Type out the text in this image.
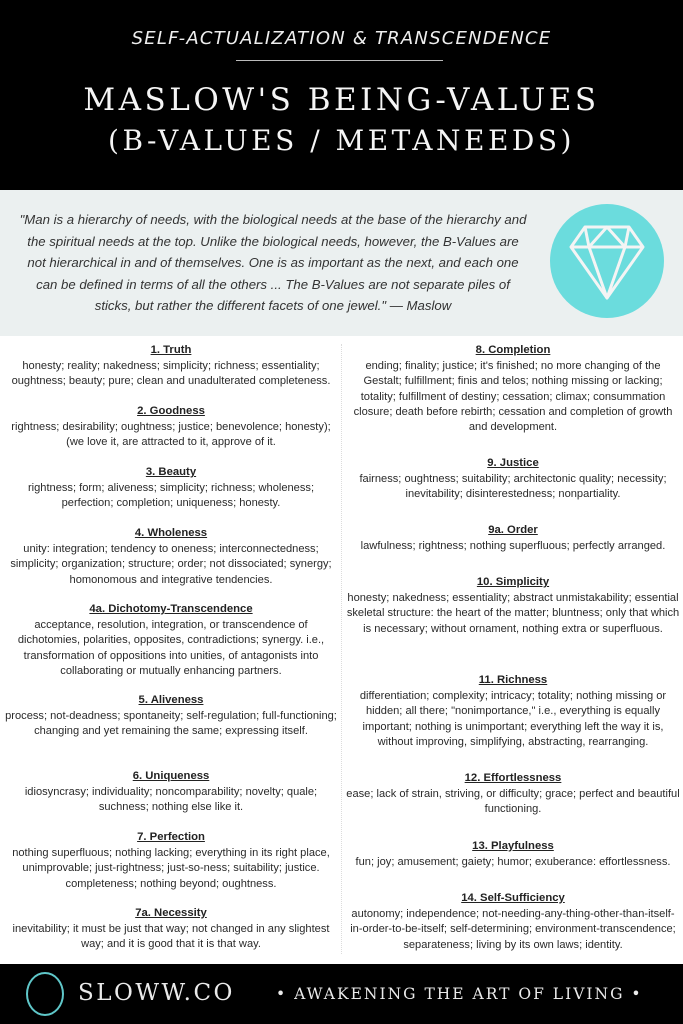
SELF-ACTUALIZATION & TRANSCENDENCE
MASLOW'S BEING-VALUES
(B-VALUES / METANEEDS)
"Man is a hierarchy of needs, with the biological needs at the base of the hierarchy and the spiritual needs at the top. Unlike the biological needs, however, the B-Values are not hierarchical in and of themselves. One is as important as the next, and each one can be defined in terms of all the others ... The B-Values are not separate piles of sticks, but rather the different facets of one jewel." — Maslow
1. Truth
honesty; reality; nakedness; simplicity; richness; essentiality; oughtness; beauty; pure; clean and unadulterated completeness.
2. Goodness
rightness; desirability; oughtness; justice; benevolence; honesty); (we love it, are attracted to it, approve of it.
3. Beauty
rightness; form; aliveness; simplicity; richness; wholeness; perfection; completion; uniqueness; honesty.
4. Wholeness
unity: integration; tendency to oneness; interconnectedness; simplicity; organization; structure; order; not dissociated; synergy; homonomous and integrative tendencies.
4a. Dichotomy-Transcendence
acceptance, resolution, integration, or transcendence of dichotomies, polarities, opposites, contradictions; synergy. i.e., transformation of oppositions into unities, of antagonists into collaborating or mutually enhancing partners.
5. Aliveness
process; not-deadness; spontaneity; self-regulation; full-functioning; changing and yet remaining the same; expressing itself.
6. Uniqueness
idiosyncrasy; individuality; noncomparability; novelty; quale; suchness; nothing else like it.
7. Perfection
nothing superfluous; nothing lacking; everything in its right place, unimprovable; just-rightness; just-so-ness; suitability; justice. completeness; nothing beyond; oughtness.
7a. Necessity
inevitability; it must be just that way; not changed in any slightest way; and it is good that it is that way.
8. Completion
ending; finality; justice; it's finished; no more changing of the Gestalt; fulfillment; finis and telos; nothing missing or lacking; totality; fulfillment of destiny; cessation; climax; consummation closure; death before rebirth; cessation and completion of growth and development.
9. Justice
fairness; oughtness; suitability; architectonic quality; necessity; inevitability; disinterestedness; nonpartiality.
9a. Order
lawfulness; rightness; nothing superfluous; perfectly arranged.
10. Simplicity
honesty; nakedness; essentiality; abstract unmistakability; essential skeletal structure: the heart of the matter; bluntness; only that which is necessary; without ornament, nothing extra or superfluous.
11. Richness
differentiation; complexity; intricacy; totality; nothing missing or hidden; all there; "nonimportance," i.e., everything is equally important; nothing is unimportant; everything left the way it is, without improving, simplifying, abstracting, rearranging.
12. Effortlessness
ease; lack of strain, striving, or difficulty; grace; perfect and beautiful functioning.
13. Playfulness
fun; joy; amusement; gaiety; humor; exuberance: effortlessness.
14. Self-Sufficiency
autonomy; independence; not-needing-any-thing-other-than-itself-in-order-to-be-itself; self-determining; environment-transcendence; separateness; living by its own laws; identity.
SLOWW.CO	• AWAKENING THE ART OF LIVING •
